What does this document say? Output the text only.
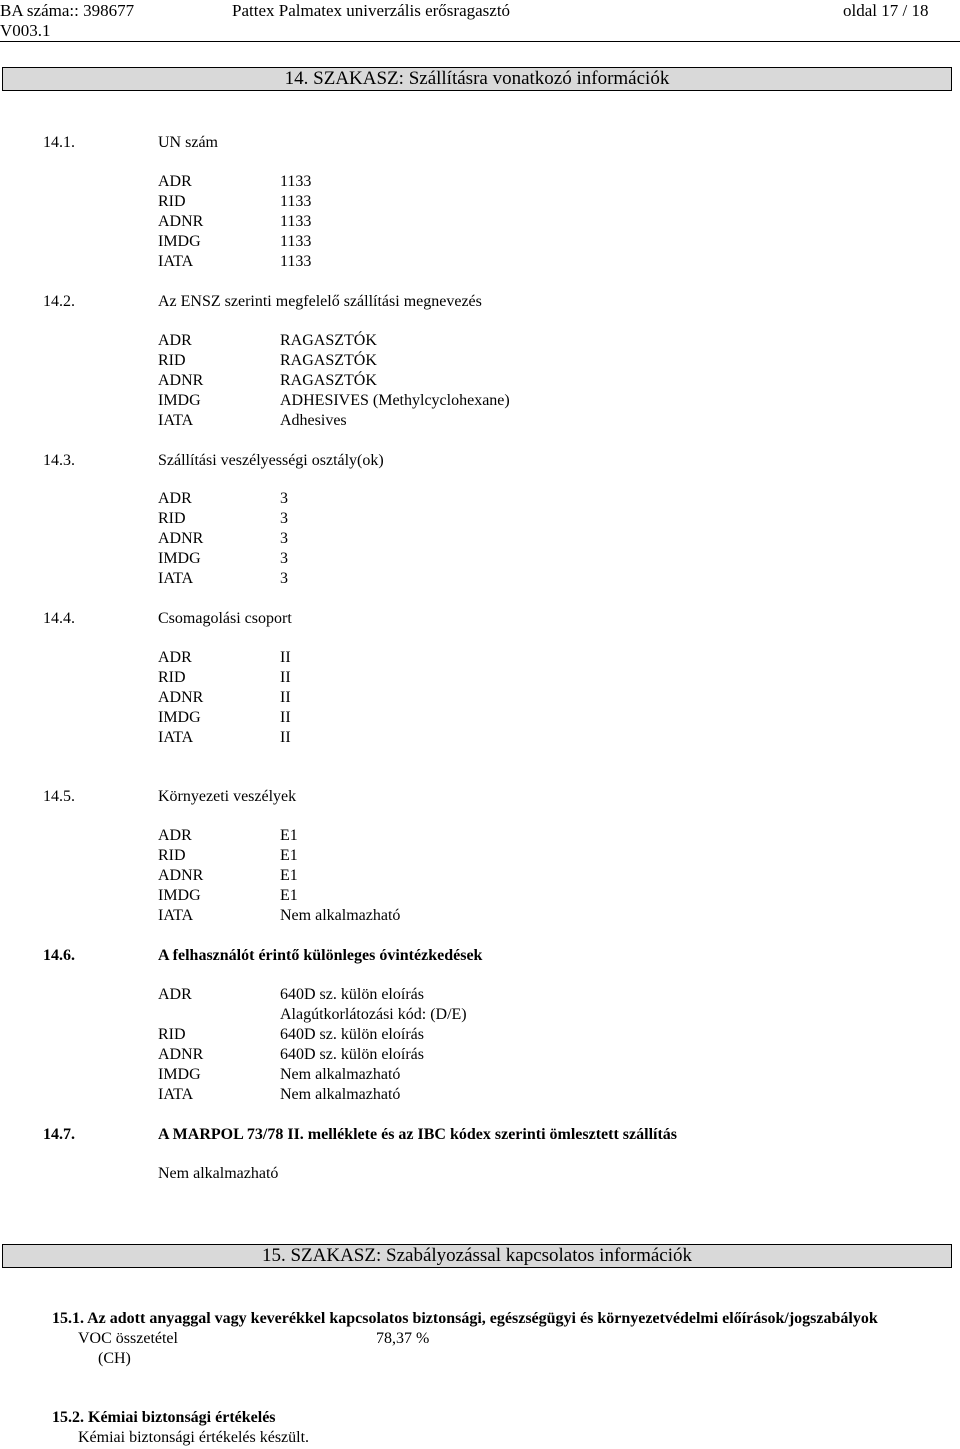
BA száma:: 398677
V003.1
Pattex Palmatex univerzális erősragasztó	oldal 17 / 18
14. SZAKASZ: Szállításra vonatkozó információk
14.1.	UN szám
ADR	1133
RID	1133
ADNR	1133
IMDG	1133
IATA	1133
14.2.	Az ENSZ szerinti megfelelő szállítási megnevezés
ADR	RAGASZTÓK
RID	RAGASZTÓK
ADNR	RAGASZTÓK
IMDG	ADHESIVES (Methylcyclohexane)
IATA	Adhesives
14.3.	Szállítási veszélyességi osztály(ok)
ADR	3
RID	3
ADNR	3
IMDG	3
IATA	3
14.4.	Csomagolási csoport
ADR	II
RID	II
ADNR	II
IMDG	II
IATA	II
14.5.	Környezeti veszélyek
ADR	E1
RID	E1
ADNR	E1
IMDG	E1
IATA	Nem alkalmazható
14.6.	A felhasználót érintő különleges óvintézkedések
ADR	640D sz. külön eloírás
Alagútkorlátozási kód: (D/E)
RID	640D sz. külön eloírás
ADNR	640D sz. külön eloírás
IMDG	Nem alkalmazható
IATA	Nem alkalmazható
14.7.	A MARPOL 73/78 II. melléklete és az IBC kódex szerinti ömlesztett szállítás
Nem alkalmazható
15. SZAKASZ: Szabályozással kapcsolatos információk
15.1. Az adott anyaggal vagy keverékkel kapcsolatos biztonsági, egészségügyi és környezetvédelmi előírások/jogszabályok
VOC összetétel	78,37 %
(CH)
15.2. Kémiai biztonsági értékelés
Kémiai biztonsági értékelés készült.
